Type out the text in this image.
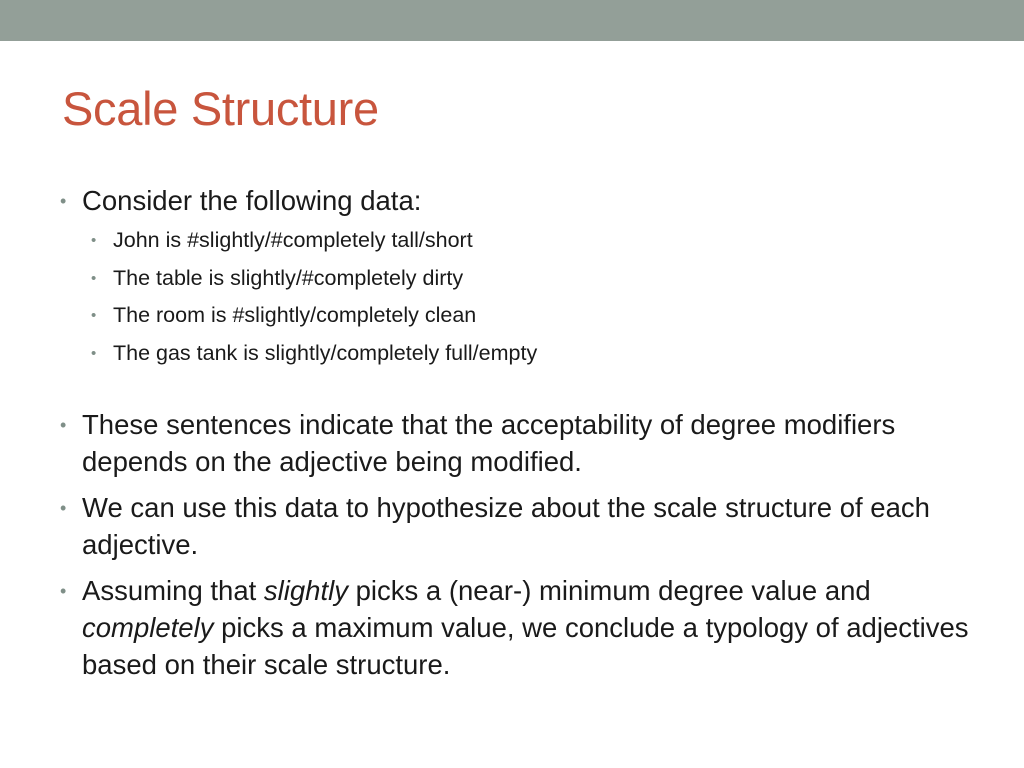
Scale Structure
• Consider the following data:
• John is #slightly/#completely tall/short
• The table is slightly/#completely dirty
• The room is #slightly/completely clean
• The gas tank is slightly/completely full/empty
• These sentences indicate that the acceptability of degree modifiers depends on the adjective being modified.
• We can use this data to hypothesize about the scale structure of each adjective.
• Assuming that slightly picks a (near-) minimum degree value and completely picks a maximum value, we conclude a typology of adjectives based on their scale structure.
